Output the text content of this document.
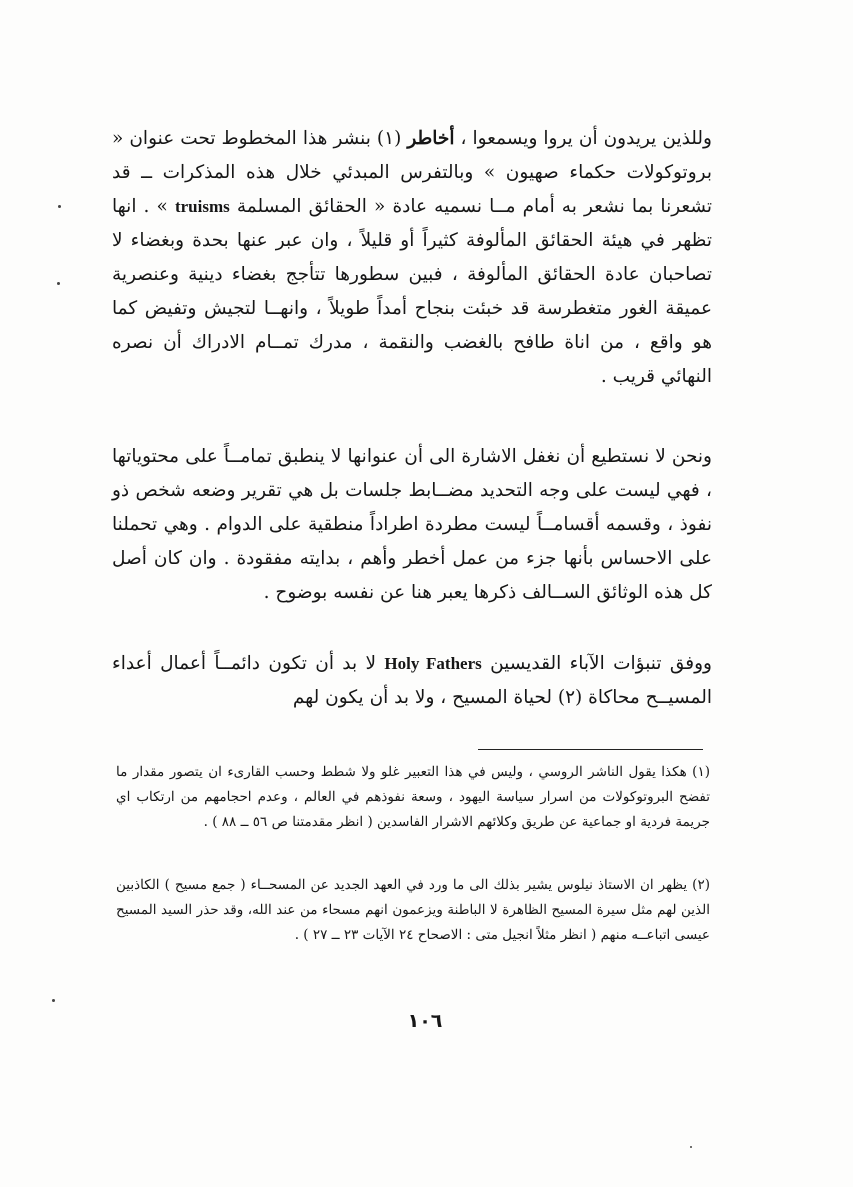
وللذين يريدون أن يروا ويسمعوا ، أخاطر (١) بنشر هذا المخطوط تحت عنوان « بروتوكولات حكماء صهيون » وبالتفرس المبدئي خلال هذه المذكرات ــ قد تشعرنا بما نشعر به أمام مــا نسميه عادة « الحقائق المسلمة truisms » . انها تظهر في هيئة الحقائق المألوفة كثيراً أو قليلاً ، وان عبر عنها بحدة وبغضاء لا تصاحبان عادة الحقائق المألوفة ، فبين سطورها تتأجج بغضاء دينية وعنصرية عميقة الغور متغطرسة قد خبئت بنجاح أمداً طويلاً ، وانهــا لتجيش وتفيض كما هو واقع ، من اناة طافح بالغضب والنقمة ، مدرك تمــام الادراك أن نصره النهائي قريب .

ونحن لا نستطيع أن نغفل الاشارة الى أن عنوانها لا ينطبق تمامــاً على محتوياتها ، فهي ليست على وجه التحديد مضــابط جلسات بل هي تقرير وضعه شخص ذو نفوذ ، وقسمه أقسامــاً ليست مطردة اطراداً منطقية على الدوام . وهي تحملنا على الاحساس بأنها جزء من عمل أخطر وأهم ، بدايته مفقودة . وان كان أصل كل هذه الوثائق الســالف ذكرها يعبر هنا عن نفسه بوضوح .

ووفق تنبؤات الآباء القديسين Holy Fathers لا بد أن تكون دائمــاً أعمال أعداء المسيــح محاكاة (٢) لحياة المسيح ، ولا بد أن يكون لهم

(١) هكذا يقول الناشر الروسي ، وليس في هذا التعبير غلو ولا شطط وحسب القارىء ان يتصور مقدار ما تفضح البروتوكولات من اسرار سياسة اليهود ، وسعة نفوذهم في العالم ، وعدم احجامهم من ارتكاب اي جريمة فردية او جماعية عن طريق وكلائهم الاشرار الفاسدين ( انظر مقدمتنا ص ٥٦ ــ ٨٨ ) .

(٢) يظهر ان الاستاذ نيلوس يشير بذلك الى ما ورد في العهد الجديد عن المسحــاء ( جمع مسيح ) الكاذبين الذين لهم مثل سيرة المسيح الظاهرة لا الباطنة ويزعمون انهم مسحاء من عند الله، وقد حذر السيد المسيح عيسى اتباعــه منهم ( انظر مثلاً انجيل متى : الاصحاح ٢٤ الآيات ٢٣ ــ ٢٧ ) .

١٠٦
